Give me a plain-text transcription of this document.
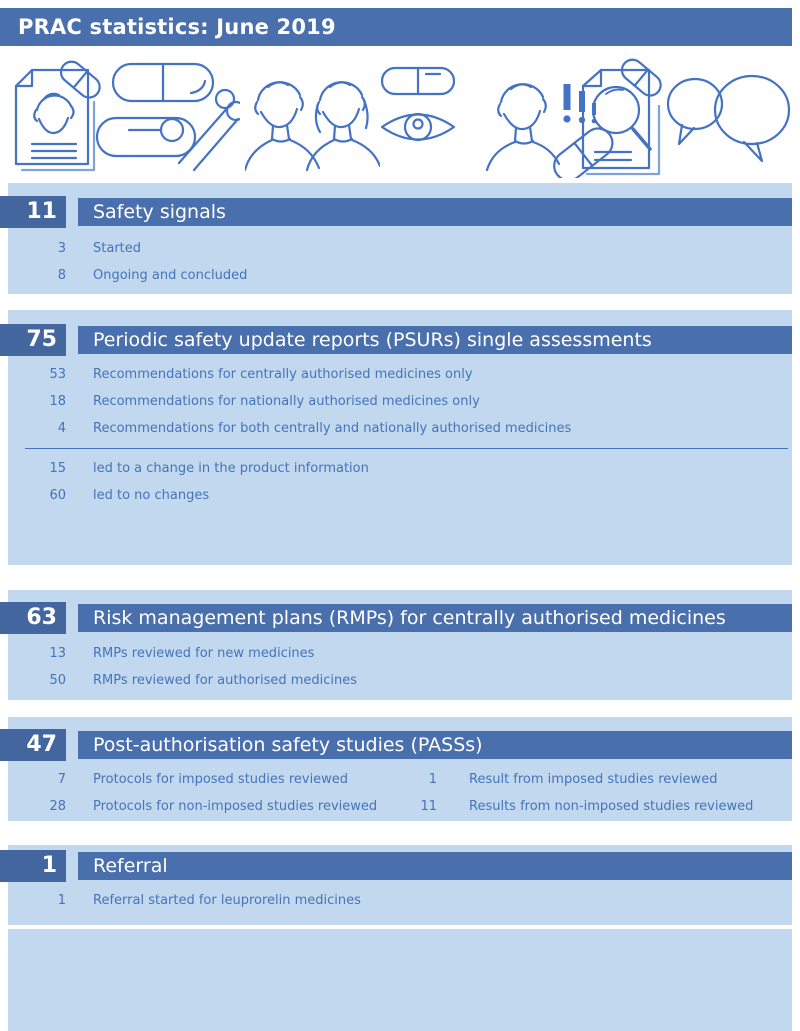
PRAC statistics: June 2019
11	Safety signals
3 Started
8 Ongoing and concluded
75	Periodic safety update reports (PSURs) single assessments
53 Recommendations for centrally authorised medicines only
18 Recommendations for nationally authorised medicines only
4 Recommendations for both centrally and nationally authorised medicines
15 led to a change in the product information
60 led to no changes
63	Risk management plans (RMPs) for centrally authorised medicines
13 RMPs reviewed for new medicines
50 RMPs reviewed for authorised medicines
47	Post-authorisation safety studies (PASSs)
7 Protocols for imposed studies reviewed	1 Result from imposed studies reviewed
28 Protocols for non-imposed studies reviewed	11 Results from non-imposed studies reviewed
1	Referral
1 Referral started for leuprorelin medicines
